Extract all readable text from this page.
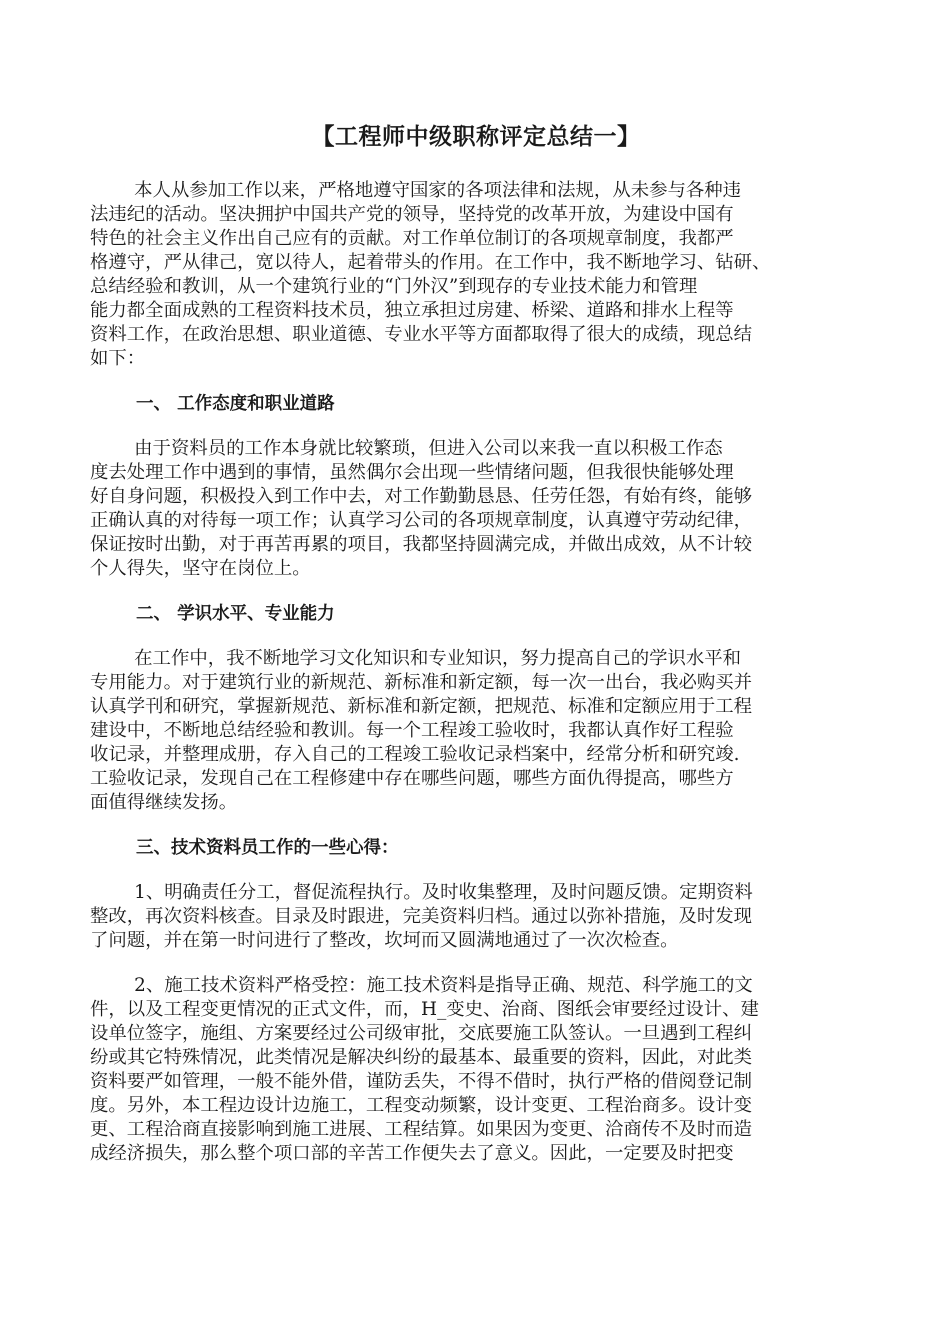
【工程师中级职称评定总结一】

本人从参加工作以来，严格地遵守国家的各项法律和法规，从未参与各种违
法违纪的活动。坚决拥护中国共产党的领导，坚持党的改革开放，为建设中国有
特色的社会主义作出自己应有的贡献。对工作单位制订的各项规章制度，我都严
格遵守，严从律己，宽以待人，起着带头的作用。在工作中，我不断地学习、钻研、
总结经验和教训，从一个建筑行业的“门外汉”到现存的专业技术能力和管理
能力都全面成熟的工程资料技术员，独立承担过房建、桥梁、道路和排水上程等
资料工作，在政治思想、职业道德、专业水平等方面都取得了很大的成绩，现总结
如下：

一、 工作态度和职业道路

由于资料员的工作本身就比较繁琐，但进入公司以来我一直以积极工作态
度去处理工作中遇到的事情，虽然偶尔会出现一些情绪问题，但我很快能够处理
好自身问题，积极投入到工作中去，对工作勤勤恳恳、任劳任怨，有始有终，能够
正确认真的对待每一项工作；认真学习公司的各项规章制度，认真遵守劳动纪律，
保证按时出勤，对于再苦再累的项目，我都坚持圆满完成，并做出成效，从不计较
个人得失，坚守在岗位上。

二、 学识水平、专业能力

在工作中，我不断地学习文化知识和专业知识，努力提高自己的学识水平和
专用能力。对于建筑行业的新规范、新标准和新定额，每一次一出台，我必购买并
认真学刊和研究，掌握新规范、新标准和新定额，把规范、标准和定额应用于工程
建设中，不断地总结经验和教训。每一个工程竣工验收时，我都认真作好工程验
收记录，并整理成册，存入自己的工程竣工验收记录档案中，经常分析和研究竣.
工验收记录，发现自己在工程修建中存在哪些问题，哪些方面仇得提高，哪些方
面值得继续发扬。

三、技术资料员工作的一些心得：

1、明确责任分工，督促流程执行。及时收集整理，及时问题反馈。定期资料
整改，再次资料核查。目录及时跟进，完美资料归档。通过以弥补措施，及时发现
了问题，并在第一时问进行了整改，坎坷而又圆满地通过了一次次检查。

2、施工技术资料严格受控：施工技术资料是指导正确、规范、科学施工的文
件，以及工程变更情况的正式文件，而，H_变史、治商、图纸会审要经过设计、建
设单位签字，施组、方案要经过公司级审批，交底要施工队签认。一旦遇到工程纠
纷或其它特殊情况，此类情况是解决纠纷的最基本、最重要的资料，因此，对此类
资料要严如管理，一般不能外借，谨防丢失，不得不借时，执行严格的借阅登记制
度。另外，本工程边设计边施工，工程变动频繁，设计变更、工程治商多。设计变
更、工程洽商直接影响到施工进展、工程结算。如果因为变更、洽商传不及时而造
成经济损失，那么整个项口部的辛苦工作便失去了意义。因此，一定要及时把变
